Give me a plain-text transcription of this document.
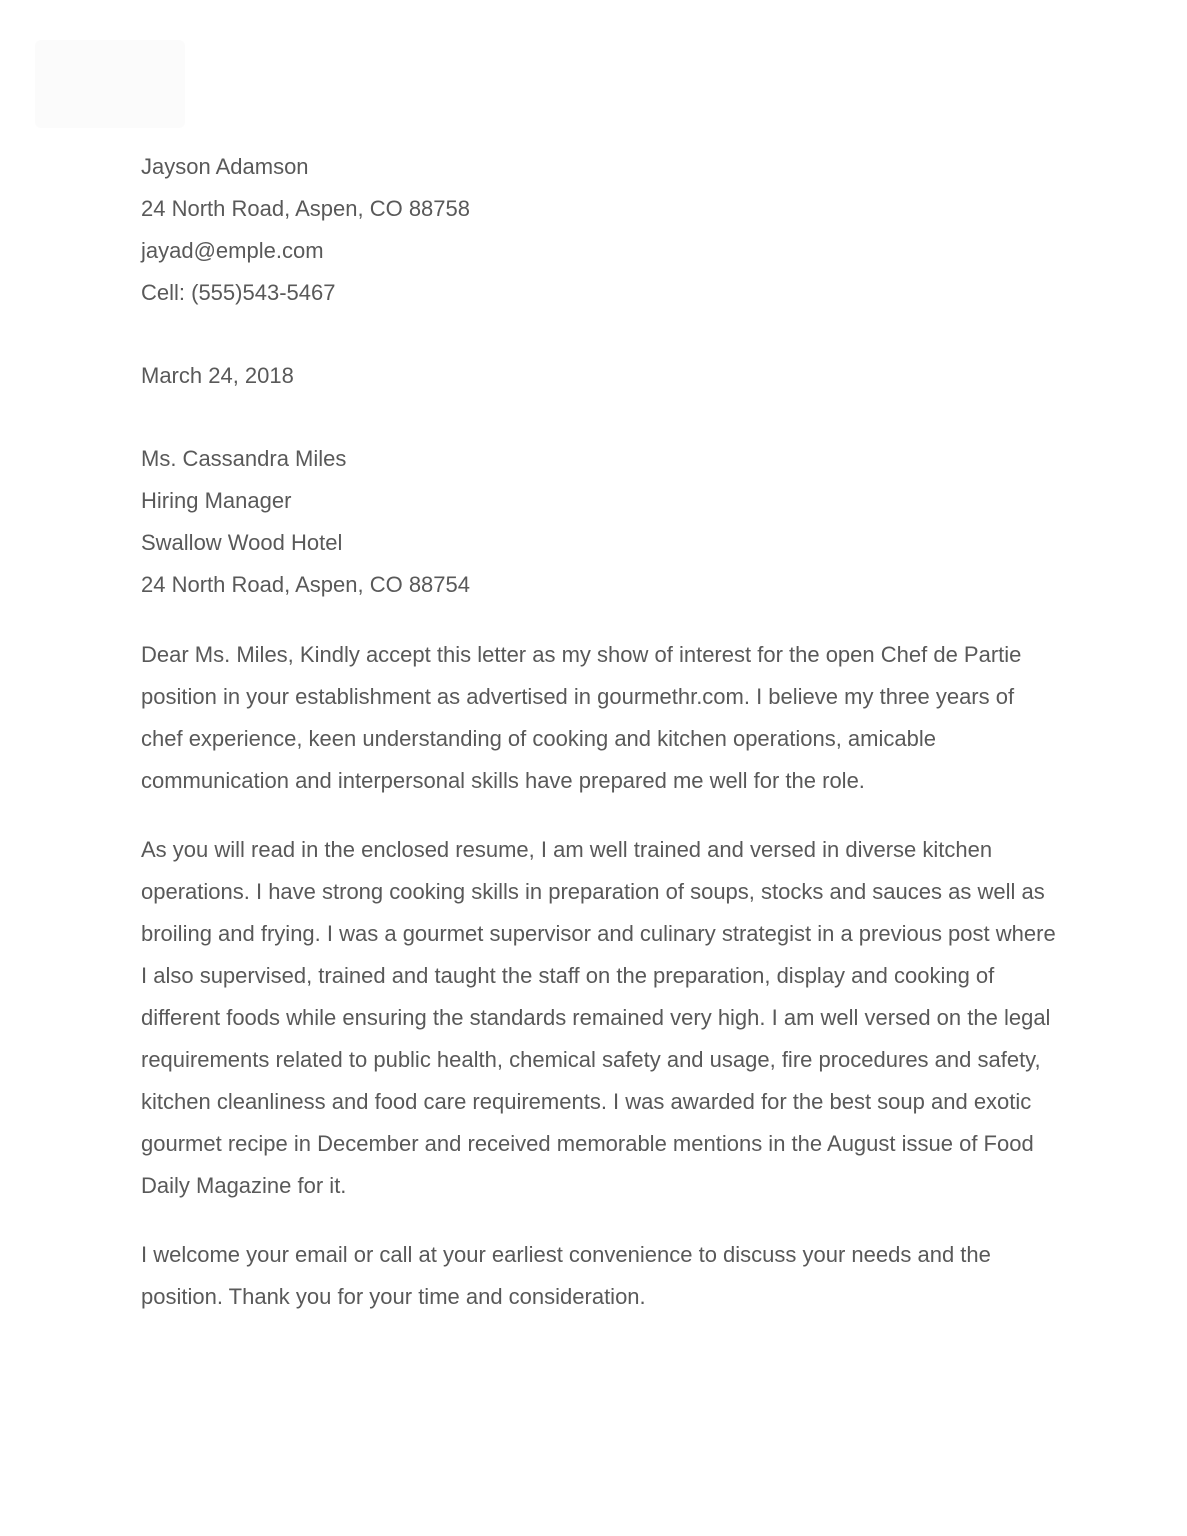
Jayson Adamson
24 North Road, Aspen, CO 88758
jayad@emple.com
Cell: (555)543-5467
March 24, 2018
Ms. Cassandra Miles
Hiring Manager
Swallow Wood Hotel
24 North Road, Aspen, CO 88754

Dear Ms. Miles, Kindly accept this letter as my show of interest for the open Chef de Partie position in your establishment as advertised in gourmethr.com. I believe my three years of chef experience, keen understanding of cooking and kitchen operations, amicable communication and interpersonal skills have prepared me well for the role.

As you will read in the enclosed resume, I am well trained and versed in diverse kitchen operations. I have strong cooking skills in preparation of soups, stocks and sauces as well as broiling and frying. I was a gourmet supervisor and culinary strategist in a previous post where I also supervised, trained and taught the staff on the preparation, display and cooking of different foods while ensuring the standards remained very high. I am well versed on the legal requirements related to public health, chemical safety and usage, fire procedures and safety, kitchen cleanliness and food care requirements. I was awarded for the best soup and exotic gourmet recipe in December and received memorable mentions in the August issue of Food Daily Magazine for it.

I welcome your email or call at your earliest convenience to discuss your needs and the position. Thank you for your time and consideration.
